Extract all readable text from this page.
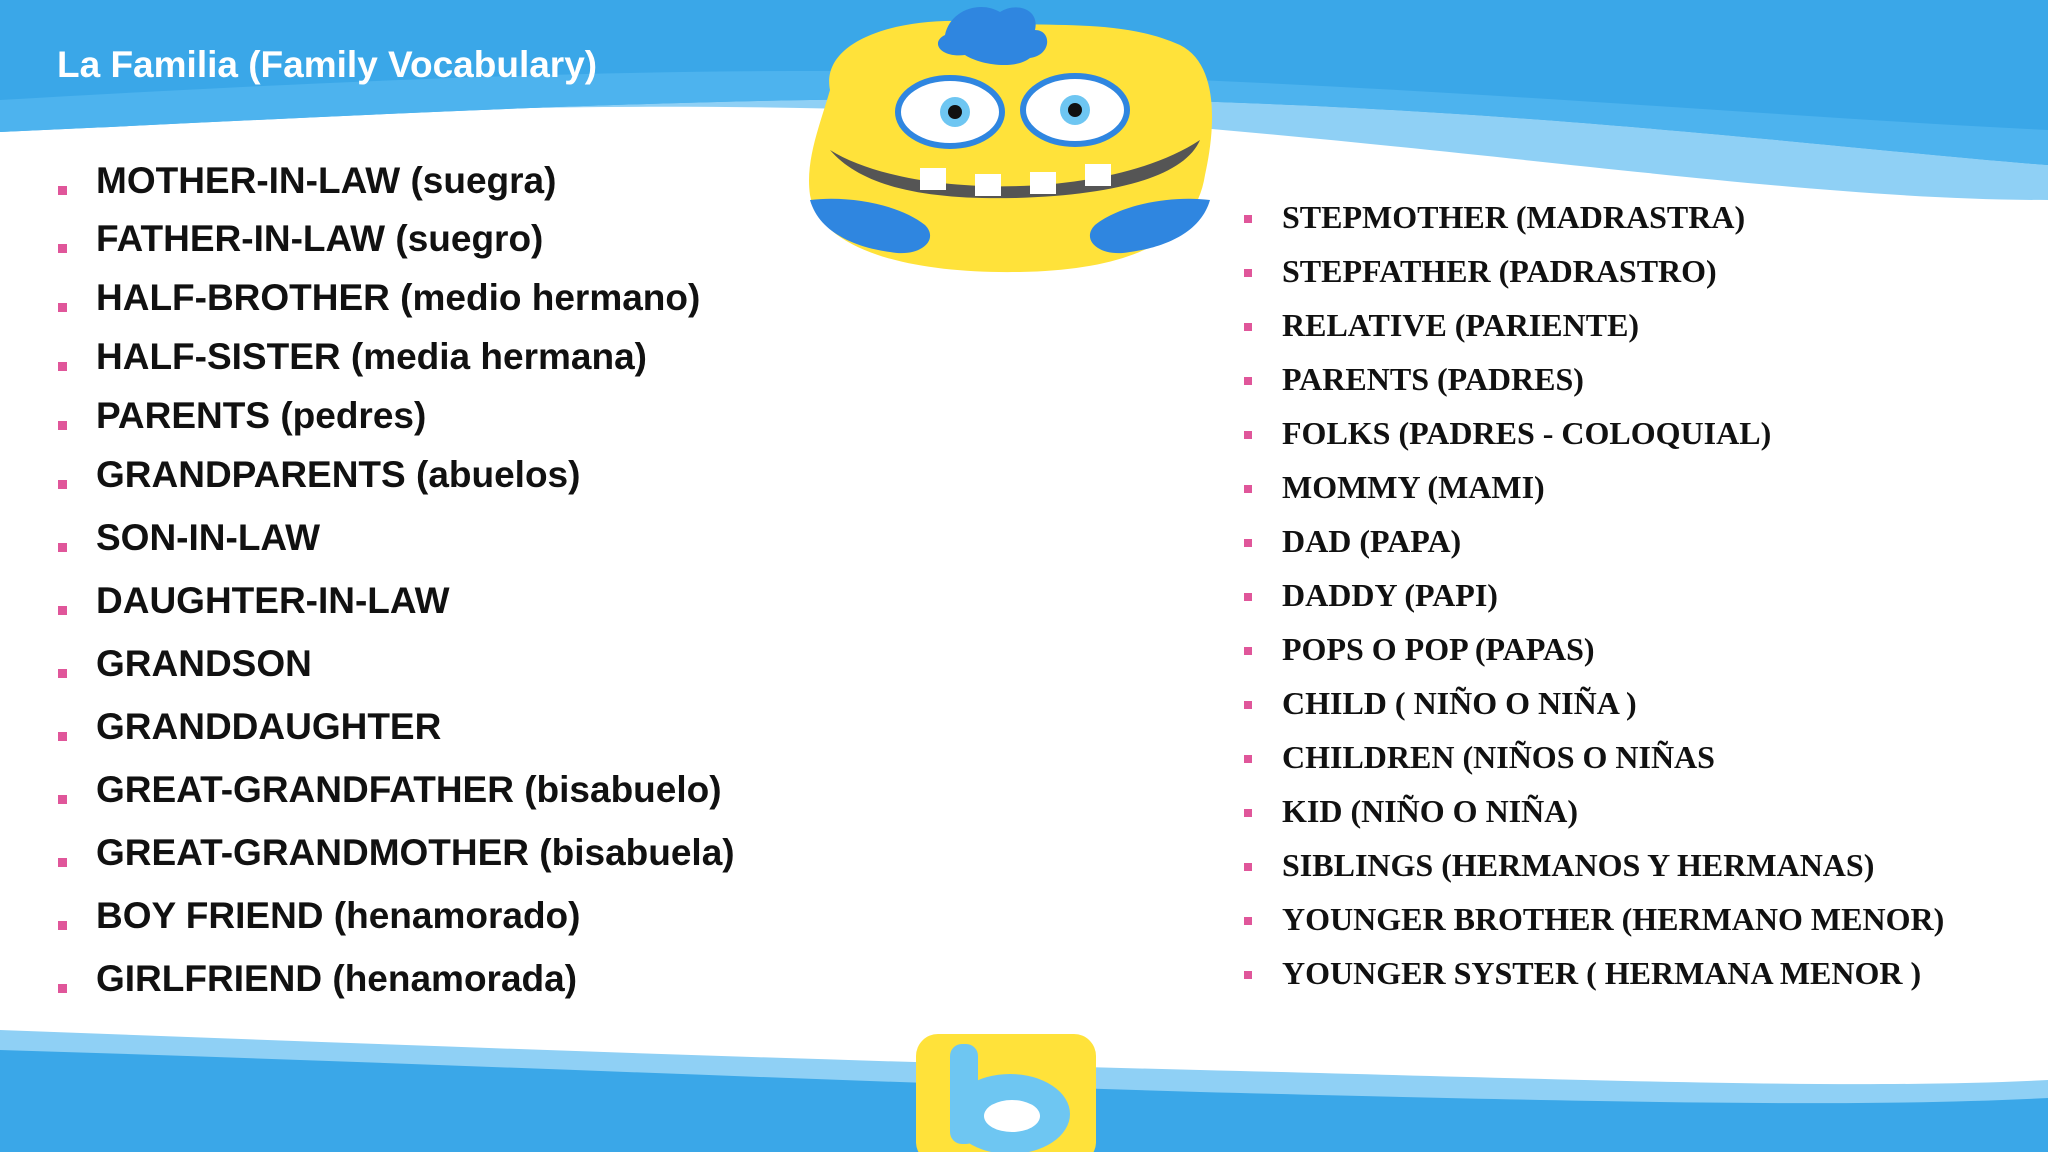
La Familia (Family Vocabulary)
MOTHER-IN-LAW (suegra)
FATHER-IN-LAW (suegro)
HALF-BROTHER (medio hermano)
HALF-SISTER (media hermana)
PARENTS (pedres)
GRANDPARENTS (abuelos)
SON-IN-LAW
DAUGHTER-IN-LAW
GRANDSON
GRANDDAUGHTER
GREAT-GRANDFATHER (bisabuelo)
GREAT-GRANDMOTHER (bisabuela)
BOY FRIEND (henamorado)
GIRLFRIEND (henamorada)
STEPMOTHER (MADRASTRA)
STEPFATHER (PADRASTRO)
RELATIVE (PARIENTE)
PARENTS (PADRES)
FOLKS (PADRES - COLOQUIAL)
MOMMY (MAMI)
DAD (PAPA)
DADDY (PAPI)
POPS O POP (PAPAS)
CHILD ( NIÑO O NIÑA )
CHILDREN (NIÑOS O NIÑAS
KID (NIÑO O NIÑA)
SIBLINGS (HERMANOS Y HERMANAS)
YOUNGER BROTHER (HERMANO MENOR)
YOUNGER SYSTER ( HERMANA MENOR )
